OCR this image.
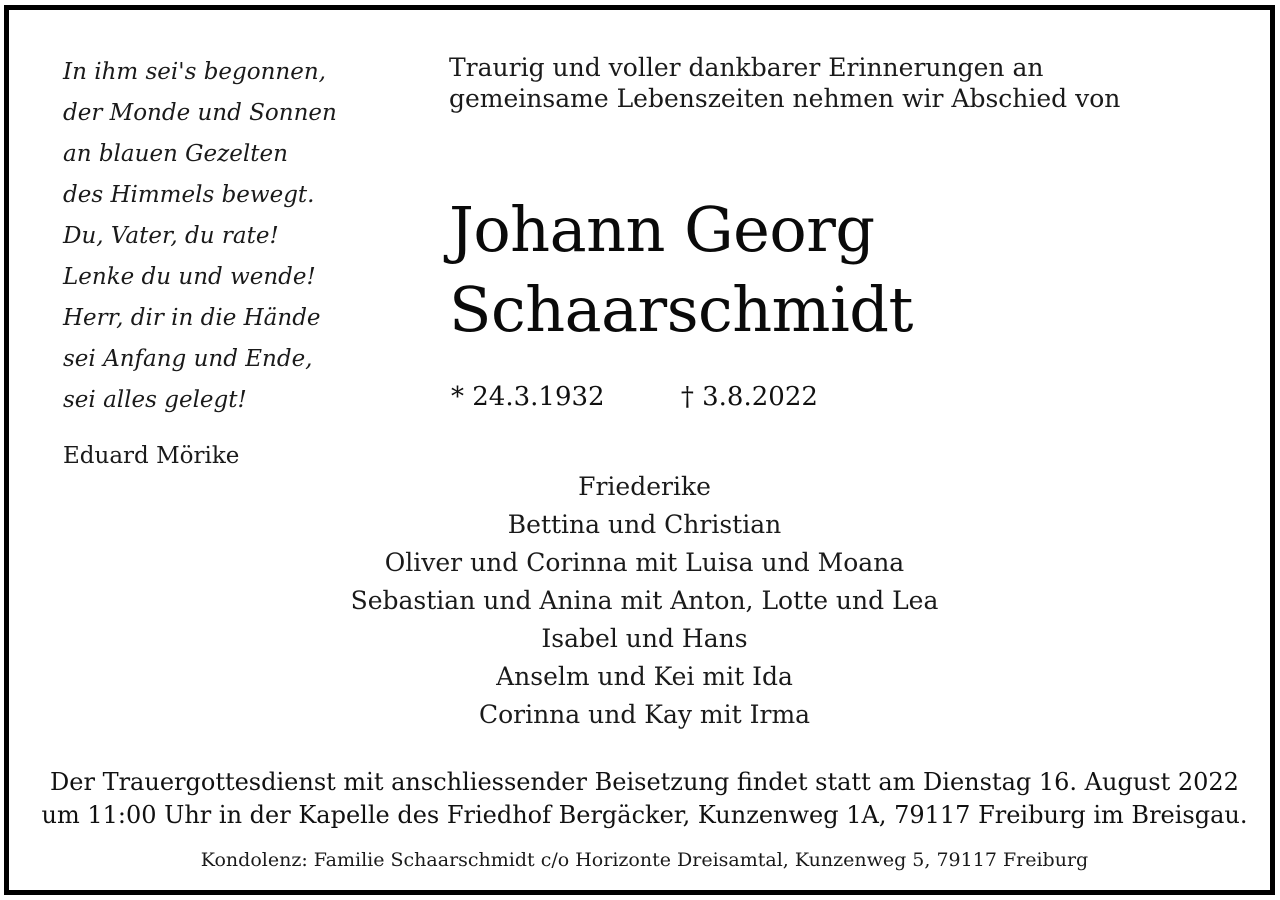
In ihm sei's begonnen,
der Monde und Sonnen
an blauen Gezelten
des Himmels bewegt.
Du, Vater, du rate!
Lenke du und wende!
Herr, dir in die Hände
sei Anfang und Ende,
sei alles gelegt!
Eduard Mörike
Traurig und voller dankbarer Erinnerungen an
gemeinsame Lebenszeiten nehmen wir Abschied von
Johann Georg
Schaarschmidt
* 24.3.1932	† 3.8.2022
Friederike
Bettina und Christian
Oliver und Corinna mit Luisa und Moana
Sebastian und Anina mit Anton, Lotte und Lea
Isabel und Hans
Anselm und Kei mit Ida
Corinna und Kay mit Irma
Der Trauergottesdienst mit anschliessender Beisetzung findet statt am Dienstag 16. August 2022
um 11:00 Uhr in der Kapelle des Friedhof Bergäcker, Kunzenweg 1A, 79117 Freiburg im Breisgau.
Kondolenz: Familie Schaarschmidt c/o Horizonte Dreisamtal, Kunzenweg 5, 79117 Freiburg
